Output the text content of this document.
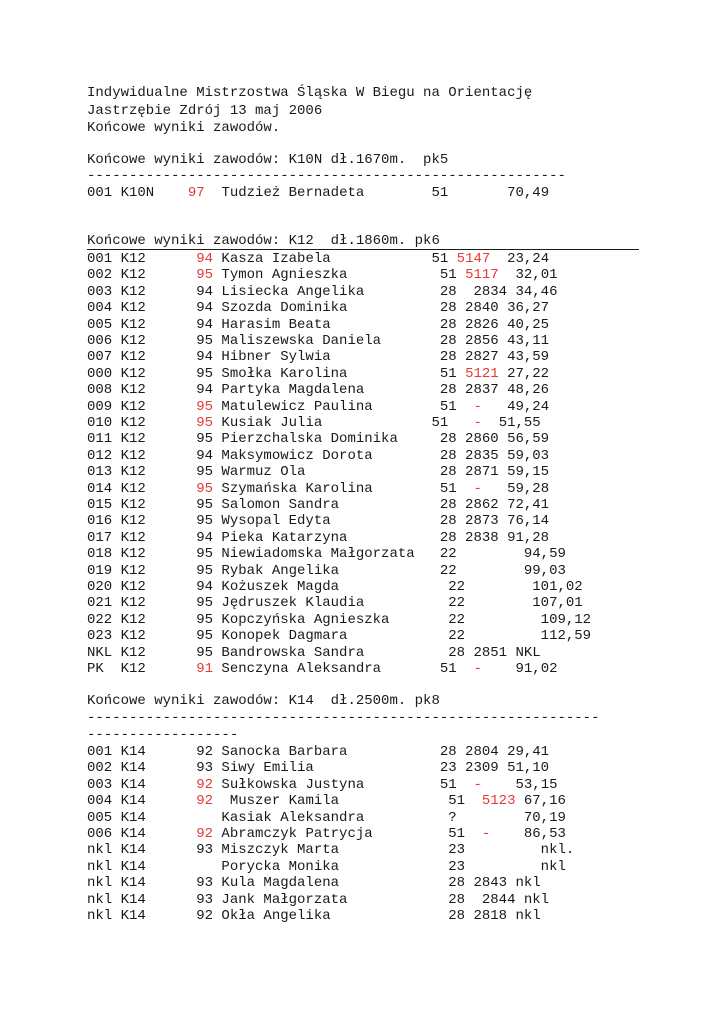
Indywidualne Mistrzostwa Śląska W Biegu na Orientację
Jastrzębie Zdrój 13 maj 2006
Końcowe wyniki zawodów.
Końcowe wyniki zawodów: K10N dł.1670m.  pk5
---------------------------------------------------------
001 K10N    97  Tudzież Bernadeta        51       70,49
Końcowe wyniki zawodów: K12  dł.1860m. pk6
001 K12      94 Kasza Izabela            51 5147  23,24
002 K12      95 Tymon Agnieszka           51 5117  32,01
003 K12      94 Lisiecka Angelika         28  2834 34,46
004 K12      94 Szozda Dominika           28 2840 36,27
005 K12      94 Harasim Beata             28 2826 40,25
006 K12      95 Maliszewska Daniela       28 2856 43,11
007 K12      94 Hibner Sylwia             28 2827 43,59
000 K12      95 Smołka Karolina           51 5121 27,22
008 K12      94 Partyka Magdalena         28 2837 48,26
009 K12      95 Matulewicz Paulina        51  -   49,24
010 K12      95 Kusiak Julia             51   -  51,55
011 K12      95 Pierzchalska Dominika     28 2860 56,59
012 K12      94 Maksymowicz Dorota        28 2835 59,03
013 K12      95 Warmuz Ola                28 2871 59,15
014 K12      95 Szymańska Karolina        51  -   59,28
015 K12      95 Salomon Sandra            28 2862 72,41
016 K12      95 Wysopal Edyta             28 2873 76,14
017 K12      94 Pieka Katarzyna           28 2838 91,28
018 K12      95 Niewiadomska Małgorzata   22        94,59
019 K12      95 Rybak Angelika            22        99,03
020 K12      94 Kożuszek Magda             22        101,02
021 K12      95 Jędruszek Klaudia          22        107,01
022 K12      95 Kopczyńska Agnieszka       22         109,12
023 K12      95 Konopek Dagmara            22         112,59
NKL K12      95 Bandrowska Sandra          28 2851 NKL
PK  K12      91 Senczyna Aleksandra       51  -    91,02
Końcowe wyniki zawodów: K14  dł.2500m. pk8
-------------------------------------------------------------
------------------
001 K14      92 Sanocka Barbara           28 2804 29,41
002 K14      93 Siwy Emilia               23 2309 51,10
003 K14      92 Sułkowska Justyna         51  -    53,15
004 K14      92  Muszer Kamila             51  5123 67,16
005 K14         Kasiak Aleksandra          ?        70,19
006 K14      92 Abramczyk Patrycja         51  -    86,53
nkl K14      93 Miszczyk Marta             23         nkl.
nkl K14         Porycka Monika             23         nkl
nkl K14      93 Kula Magdalena             28 2843 nkl
nkl K14      93 Jank Małgorzata            28  2844 nkl
nkl K14      92 Okła Angelika              28 2818 nkl
